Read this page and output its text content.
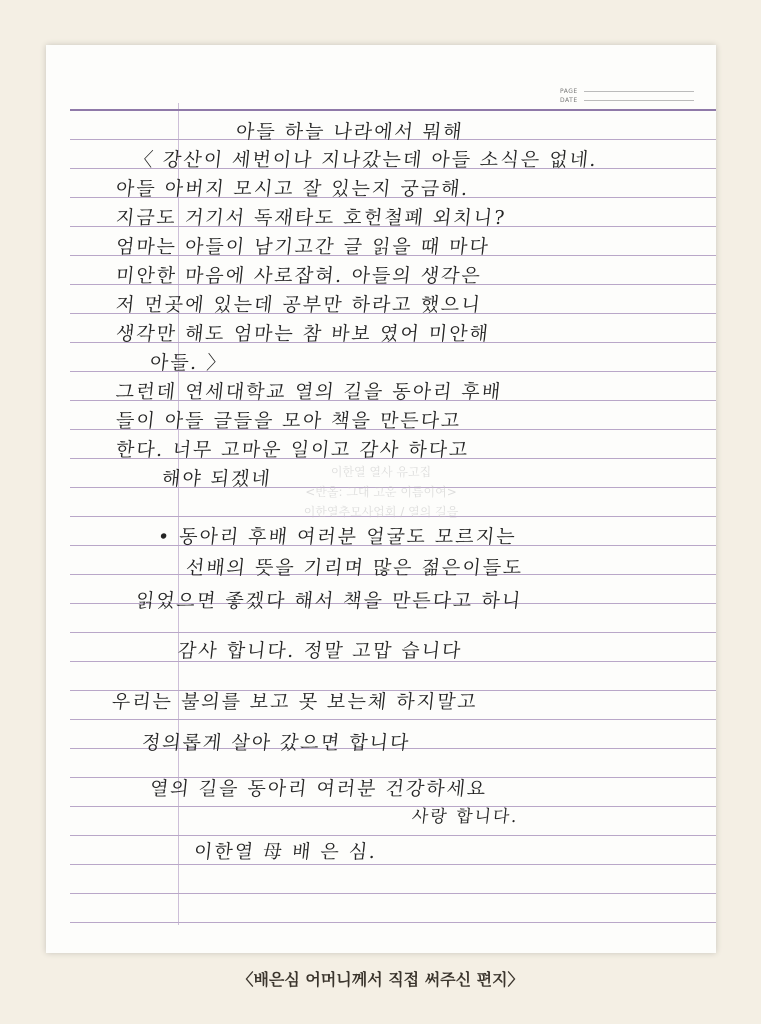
PAGE

DATE

이한열 열사 유고집

<반올: 그대 고운 이름이여>

이한열추모사업회 / 열의 길을

아들 하늘 나라에서 뭐해

〈 강산이 세번이나 지나갔는데 아들 소식은 없네.

아들 아버지 모시고 잘 있는지 궁금해.

지금도 거기서 독재타도 호헌철폐 외치니?

엄마는 아들이 남기고간 글 읽을 때 마다

미안한 마음에 사로잡혀. 아들의 생각은

저 먼곳에 있는데 공부만 하라고 했으니

생각만 해도 엄마는 참 바보 였어 미안해

아들. 〉

그런데 연세대학교 열의 길을 동아리 후배

들이 아들 글들을 모아 책을 만든다고

한다. 너무 고마운 일이고 감사 하다고

해야 되겠네

• 동아리 후배 여러분 얼굴도 모르지는

선배의 뜻을 기리며 많은 젊은이들도

읽었으면 좋겠다 해서 책을 만든다고 하니

감사 합니다. 정말 고맙 습니다

우리는 불의를 보고 못 보는체 하지말고

정의롭게 살아 갔으면 합니다

열의 길을 동아리 여러분 건강하세요

사랑 합니다.

이한열 母 배 은 심.

〈배은심 어머니께서 직접 써주신 편지〉
